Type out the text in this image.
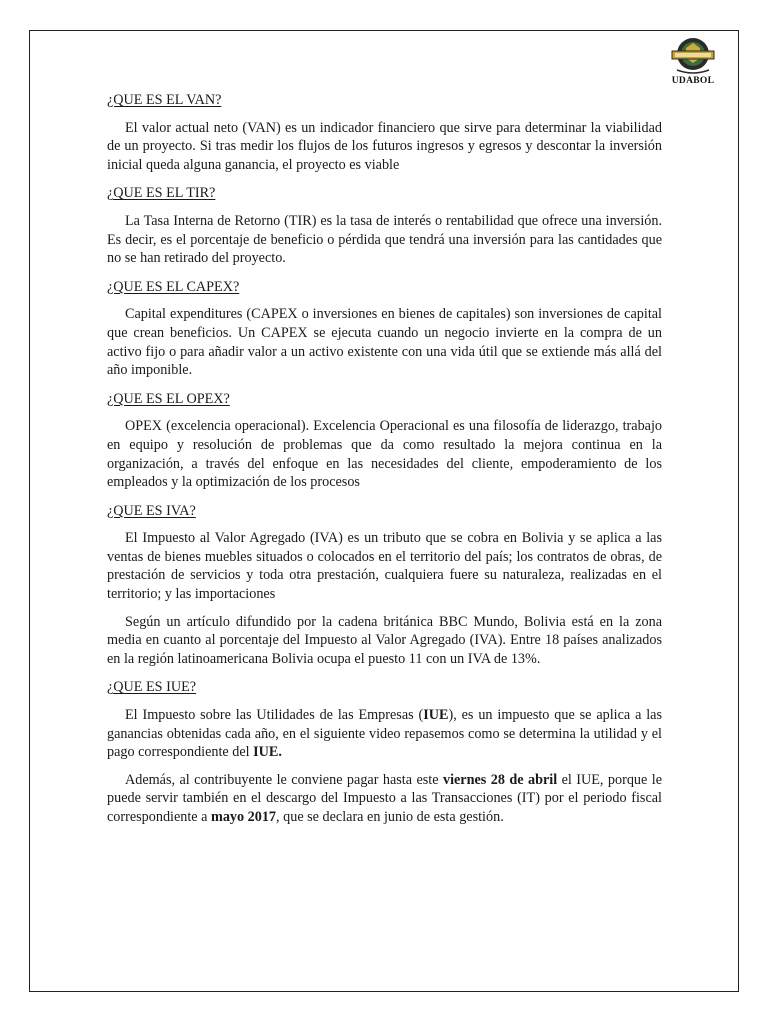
UDABOL
¿QUE ES EL VAN?

El valor actual neto (VAN) es un indicador financiero que sirve para determinar la viabilidad de un proyecto. Si tras medir los flujos de los futuros ingresos y egresos y descontar la inversión inicial queda alguna ganancia, el proyecto es viable

¿QUE ES EL TIR?

La Tasa Interna de Retorno (TIR) es la tasa de interés o rentabilidad que ofrece una inversión. Es decir, es el porcentaje de beneficio o pérdida que tendrá una inversión para las cantidades que no se han retirado del proyecto.

¿QUE ES EL CAPEX?

Capital expenditures (CAPEX o inversiones en bienes de capitales) son inversiones de capital que crean beneficios. Un CAPEX se ejecuta cuando un negocio invierte en la compra de un activo fijo o para añadir valor a un activo existente con una vida útil que se extiende más allá del año imponible.

¿QUE ES EL OPEX?

OPEX (excelencia operacional). Excelencia Operacional es una filosofía de liderazgo, trabajo en equipo y resolución de problemas que da como resultado la mejora continua en la organización, a través del enfoque en las necesidades del cliente, empoderamiento de los empleados y la optimización de los procesos

¿QUE ES IVA?

El Impuesto al Valor Agregado (IVA) es un tributo que se cobra en Bolivia y se aplica a las ventas de bienes muebles situados o colocados en el territorio del país; los contratos de obras, de prestación de servicios y toda otra prestación, cualquiera fuere su naturaleza, realizadas en el territorio; y las importaciones

Según un artículo difundido por la cadena británica BBC Mundo, Bolivia está en la zona media en cuanto al porcentaje del Impuesto al Valor Agregado (IVA). Entre 18 países analizados en la región latinoamericana Bolivia ocupa el puesto 11 con un IVA de 13%.

¿QUE ES IUE?

El Impuesto sobre las Utilidades de las Empresas (IUE), es un impuesto que se aplica a las ganancias obtenidas cada año, en el siguiente video repasemos como se determina la utilidad y el pago correspondiente del IUE.

Además, al contribuyente le conviene pagar hasta este viernes 28 de abril el IUE, porque le puede servir también en el descargo del Impuesto a las Transacciones (IT) por el periodo fiscal correspondiente a mayo 2017, que se declara en junio de esta gestión.
